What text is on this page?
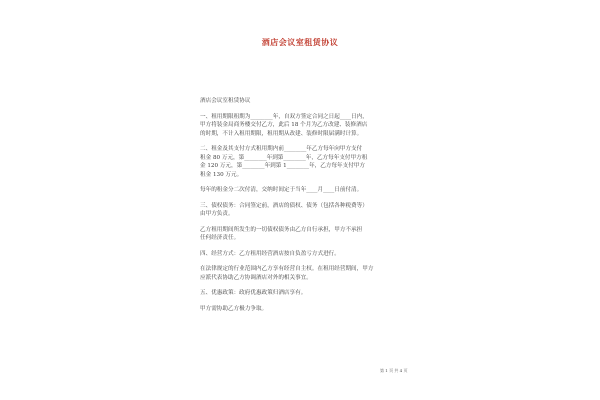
酒店会议室租赁协议
酒店会议室租赁协议
一、租用期限租期为________年，自双方签定合同之日起____日内，
甲方将装金局商务楼交付乙方，此后 18 个月为乙方改建、装修酒店
的时期，不计入租用期限，租用期从改建、装修时限届满时计算。
二、租金及其支付方式租用期内前________年乙方每年向甲方支付
租金 80 万元，第________年到第________年，乙方每年支付甲方租
金 120 万元，第________年到第 1________年，乙方每年支付甲方
租金 130 万元。
每年的租金分二次付清，交纳时间定于当年____月____日前付清。
三、债权债务：合同签定前，酒店的债权、债务（包括各种税费等）
由甲方负责。
乙方租用期间所发生的一切债权债务由乙方自行承担，甲方不承担
任何经济责任。
四、经营方式：乙方租用经营酒店按自负盈亏方式进行。
在法律规定的行业范围内乙方享有经营自主权。在租用经营期间，甲方
应派代表协助乙方协调酒店对外的相关事宜。
五、优惠政策：政府优惠政策归酒店享有。
甲方需协助乙方极力争取。
第 1 页 共 4 页
